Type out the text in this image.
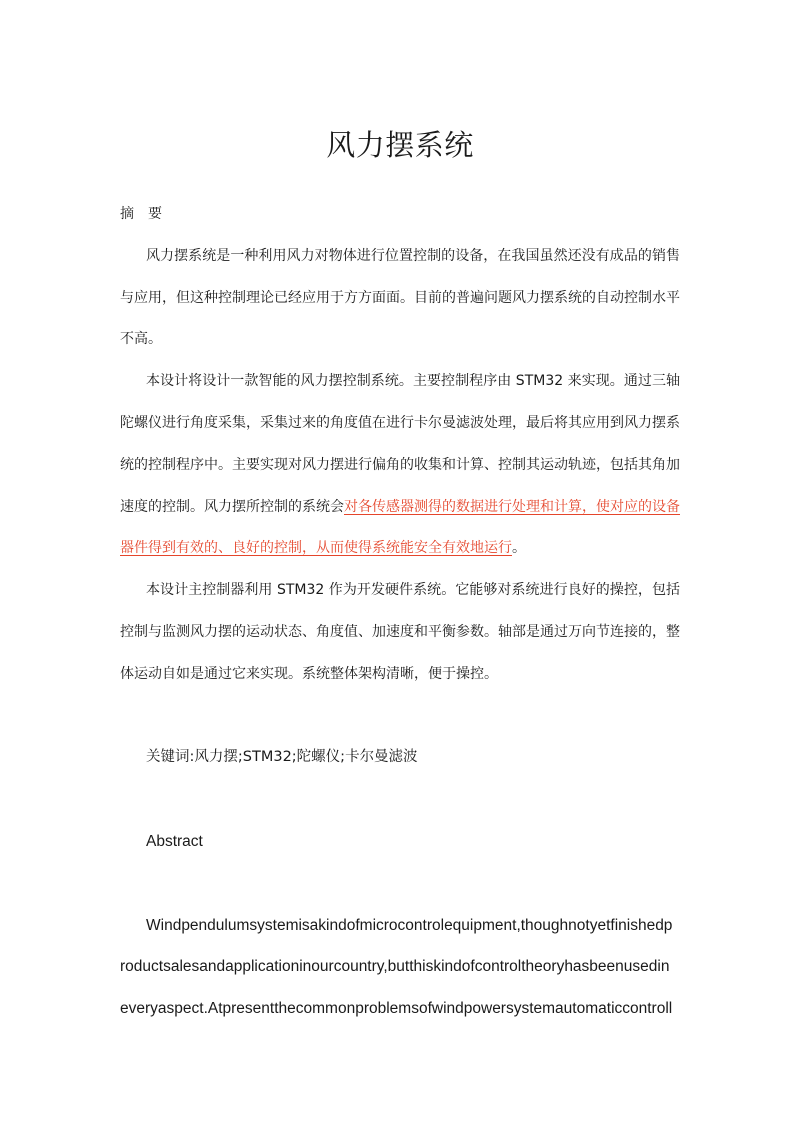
风力摆系统
摘　要
风力摆系统是一种利用风力对物体进行位置控制的设备，在我国虽然还没有成品的销售
与应用，但这种控制理论已经应用于方方面面。目前的普遍问题风力摆系统的自动控制水平
不高。
本设计将设计一款智能的风力摆控制系统。主要控制程序由 STM32 来实现。通过三轴
陀螺仪进行角度采集，采集过来的角度值在进行卡尔曼滤波处理，最后将其应用到风力摆系
统的控制程序中。主要实现对风力摆进行偏角的收集和计算、控制其运动轨迹，包括其角加
速度的控制。风力摆所控制的系统会对各传感器测得的数据进行处理和计算，使对应的设备
器件得到有效的、良好的控制，从而使得系统能安全有效地运行。
本设计主控制器利用 STM32 作为开发硬件系统。它能够对系统进行良好的操控，包括
控制与监测风力摆的运动状态、角度值、加速度和平衡参数。轴部是通过万向节连接的，整
体运动自如是通过它来实现。系统整体架构清晰，便于操控。
关键词:风力摆;STM32;陀螺仪;卡尔曼滤波
Abstract
Windpendulumsystemisakindofmicrocontrolequipment,thoughnotyetfinishedp
roductsalesandapplicationinourcountry,butthiskindofcontroltheoryhasbeenusedin
everyaspect.Atpresentthecommonproblemsofwindpowersystemautomaticcontroll
